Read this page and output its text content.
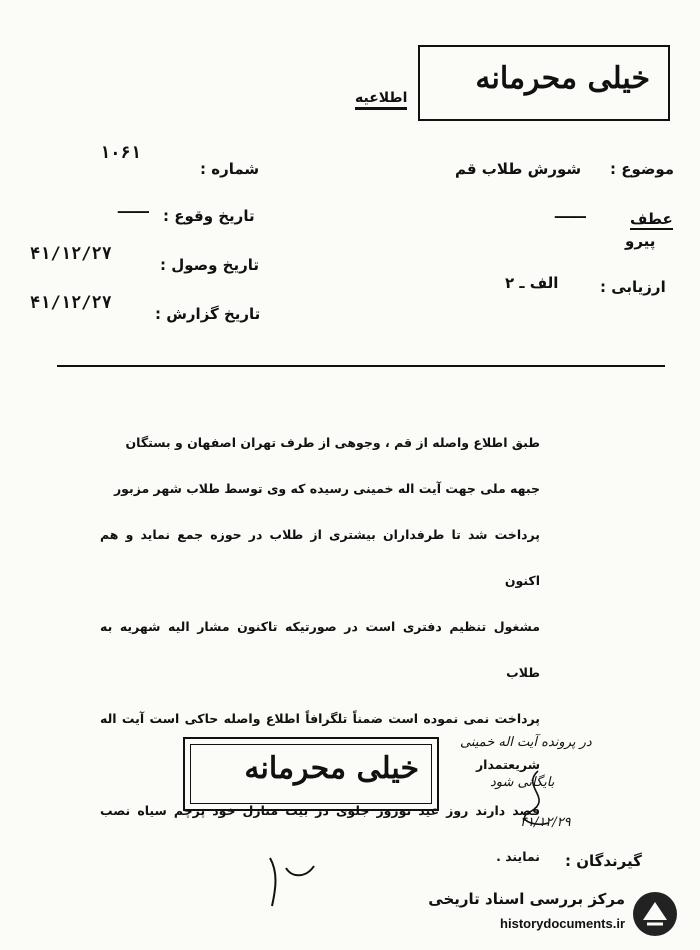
خیلی محرمانه
اطلاعیه
شماره :
۱۰۶۱
تاریخ وقوع :
ـــ
تاریخ وصول :
۴۱/۱۲/۲۷
تاریخ گزارش :
۴۱/۱۲/۲۷
موضوع :
شورش طلاب قم
عطف
پیرو
ـــ
ارزیابی :
الف ـ ۲

طبق اطلاع واصله از قم ، وجوهی از طرف تهران اصفهان و بستگان

جبهه ملی جهت آیت اله خمینی رسیده که وی توسط طلاب شهر مزبور

پرداخت شد تا طرفداران بیشتری از طلاب در حوزه جمع نماید و هم اکنون

مشغول تنظیم دفتری است در صورتیکه تاکنون مشار الیه شهریه به طلاب

پرداخت نمی نموده است ضمناً تلگرافاً اطلاع واصله حاکی است آیت اله شریعتمدار

قصد دارند روز عید نوروز جلوی در بیت منازل خود پرچم سیاه نصب نمایند .

خیلی محرمانه
در پرونده آیت اله خمینی
بایگانی شود
۴۱/۱۲/۲۹
گیرندگان :
مرکز بررسی اسناد تاریخی
historydocuments.ir
